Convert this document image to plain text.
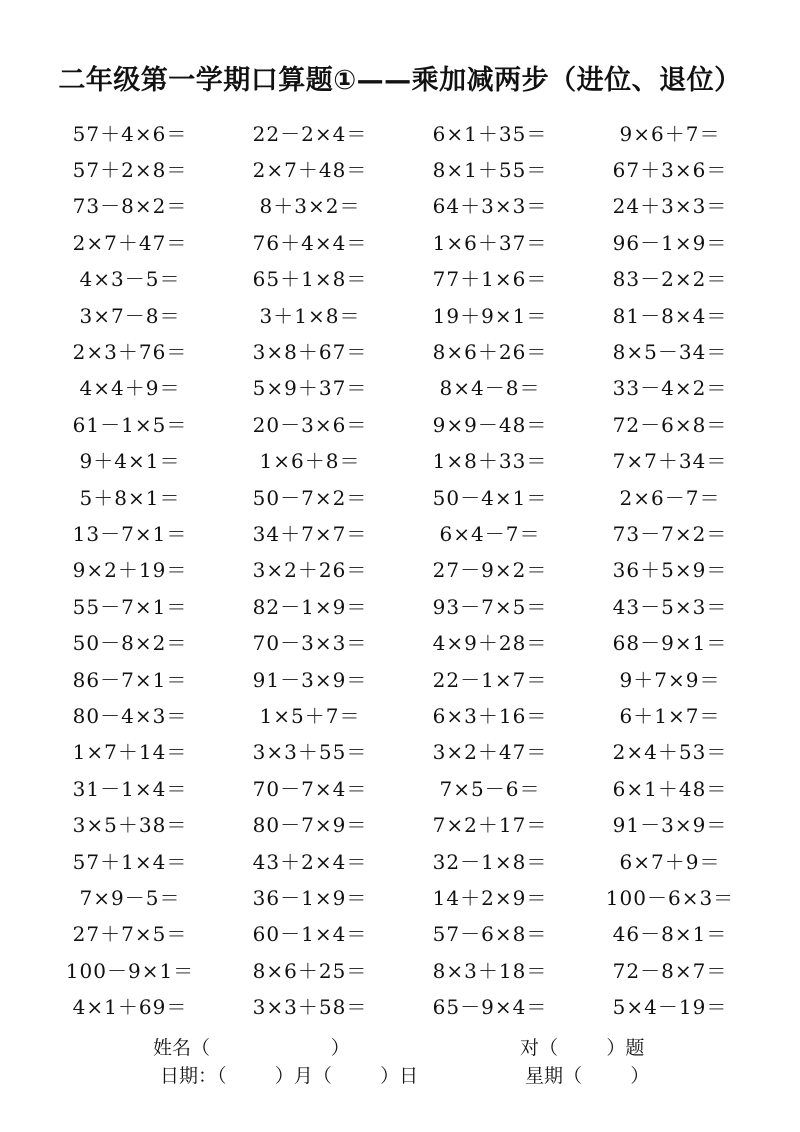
二年级第一学期口算题①——乘加减两步（进位、退位）
57＋4×6＝	22－2×4＝	6×1＋35＝	9×6＋7＝
57＋2×8＝	2×7＋48＝	8×1＋55＝	67＋3×6＝
73－8×2＝	8＋3×2＝	64＋3×3＝	24＋3×3＝
2×7＋47＝	76＋4×4＝	1×6＋37＝	96－1×9＝
4×3－5＝	65＋1×8＝	77＋1×6＝	83－2×2＝
3×7－8＝	3＋1×8＝	19＋9×1＝	81－8×4＝
2×3＋76＝	3×8＋67＝	8×6＋26＝	8×5－34＝
4×4＋9＝	5×9＋37＝	8×4－8＝	33－4×2＝
61－1×5＝	20－3×6＝	9×9－48＝	72－6×8＝
9＋4×1＝	1×6＋8＝	1×8＋33＝	7×7＋34＝
5＋8×1＝	50－7×2＝	50－4×1＝	2×6－7＝
13－7×1＝	34＋7×7＝	6×4－7＝	73－7×2＝
9×2＋19＝	3×2＋26＝	27－9×2＝	36＋5×9＝
55－7×1＝	82－1×9＝	93－7×5＝	43－5×3＝
50－8×2＝	70－3×3＝	4×9＋28＝	68－9×1＝
86－7×1＝	91－3×9＝	22－1×7＝	9＋7×9＝
80－4×3＝	1×5＋7＝	6×3＋16＝	6＋1×7＝
1×7＋14＝	3×3＋55＝	3×2＋47＝	2×4＋53＝
31－1×4＝	70－7×4＝	7×5－6＝	6×1＋48＝
3×5＋38＝	80－7×9＝	7×2＋17＝	91－3×9＝
57＋1×4＝	43＋2×4＝	32－1×8＝	6×7＋9＝
7×9－5＝	36－1×9＝	14＋2×9＝	100－6×3＝
27＋7×5＝	60－1×4＝	57－6×8＝	46－8×1＝
100－9×1＝	8×6＋25＝	8×3＋18＝	72－8×7＝
4×1＋69＝	3×3＋58＝	65－9×4＝	5×4－19＝
姓名（                    ）	对（        ）题
日期：（        ）月（        ）日	星期（        ）
